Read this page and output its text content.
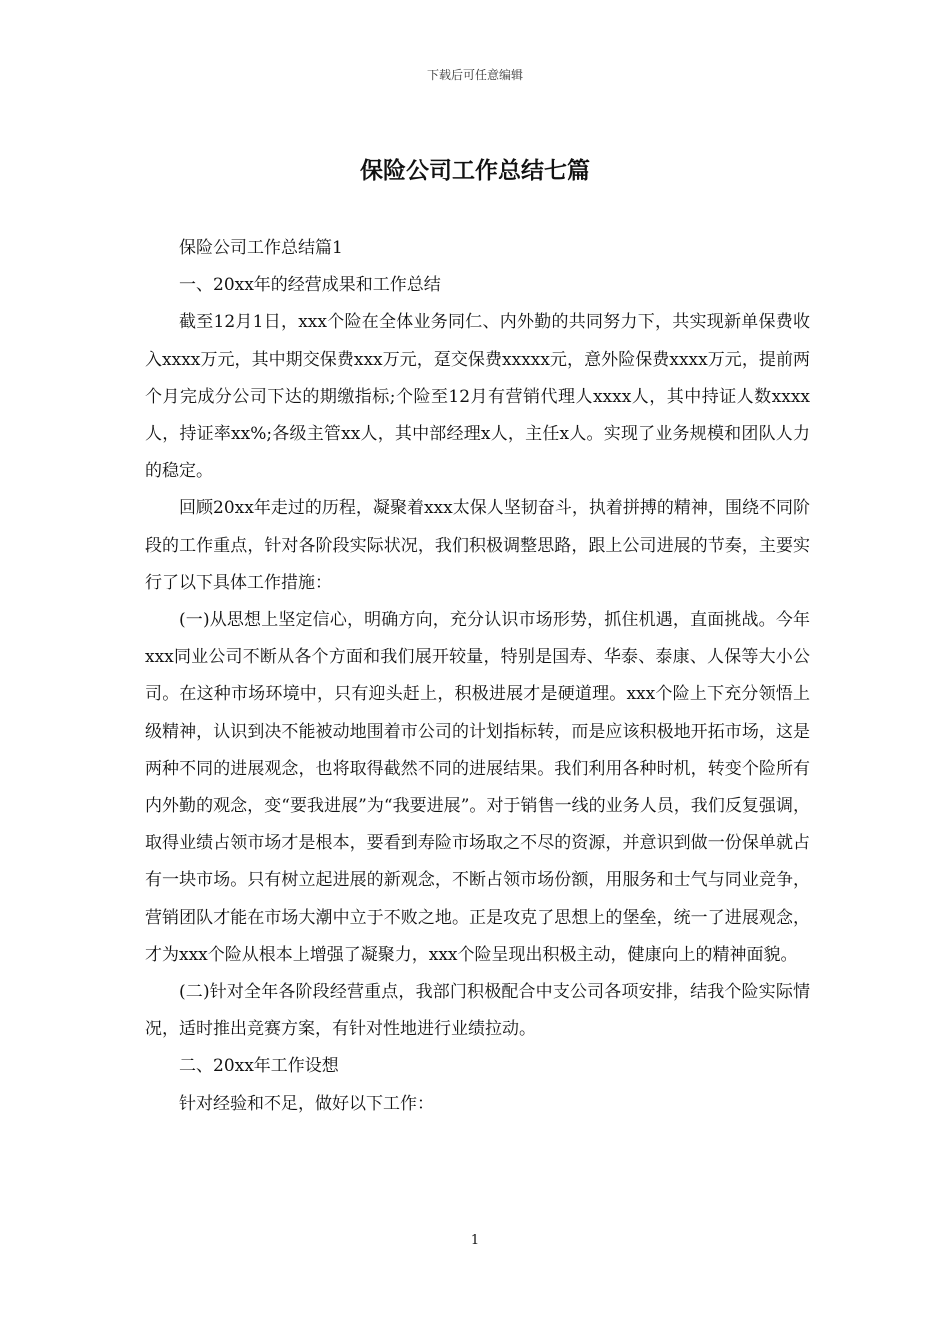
下载后可任意编辑
保险公司工作总结七篇

保险公司工作总结篇1

一、20xx年的经营成果和工作总结

截至12月1日，xxx个险在全体业务同仁、内外勤的共同努力下，共实现新单保费收入xxxx万元，其中期交保费xxx万元，趸交保费xxxxx元，意外险保费xxxx万元，提前两个月完成分公司下达的期缴指标;个险至12月有营销代理人xxxx人，其中持证人数xxxx人，持证率xx%;各级主管xx人，其中部经理x人，主任x人。实现了业务规模和团队人力的稳定。

回顾20xx年走过的历程，凝聚着xxx太保人坚韧奋斗，执着拼搏的精神，围绕不同阶段的工作重点，针对各阶段实际状况，我们积极调整思路，跟上公司进展的节奏，主要实行了以下具体工作措施：

(一)从思想上坚定信心，明确方向，充分认识市场形势，抓住机遇，直面挑战。今年xxx同业公司不断从各个方面和我们展开较量，特别是国寿、华泰、泰康、人保等大小公司。在这种市场环境中，只有迎头赶上，积极进展才是硬道理。xxx个险上下充分领悟上级精神，认识到决不能被动地围着市公司的计划指标转，而是应该积极地开拓市场，这是两种不同的进展观念，也将取得截然不同的进展结果。我们利用各种时机，转变个险所有内外勤的观念，变“要我进展”为“我要进展”。对于销售一线的业务人员，我们反复强调，取得业绩占领市场才是根本，要看到寿险市场取之不尽的资源，并意识到做一份保单就占有一块市场。只有树立起进展的新观念，不断占领市场份额，用服务和士气与同业竞争，营销团队才能在市场大潮中立于不败之地。正是攻克了思想上的堡垒，统一了进展观念，才为xxx个险从根本上增强了凝聚力，xxx个险呈现出积极主动，健康向上的精神面貌。

(二)针对全年各阶段经营重点，我部门积极配合中支公司各项安排，结我个险实际情况，适时推出竞赛方案，有针对性地进行业绩拉动。

二、20xx年工作设想

针对经验和不足，做好以下工作：

1
